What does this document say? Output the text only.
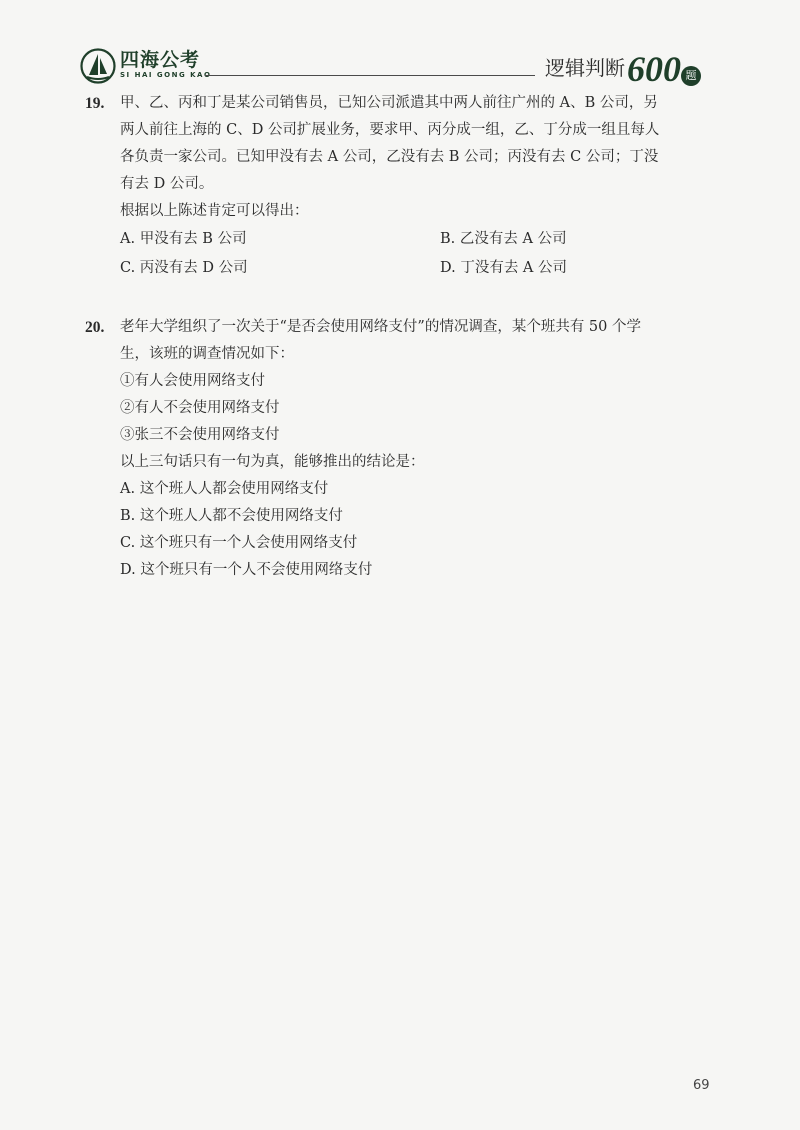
四海公考
SI HAI GONG KAO	逻辑判断600 题
19. 甲、乙、丙和丁是某公司销售员，已知公司派遣其中两人前往广州的 A、B 公司，另
两人前往上海的 C、D 公司扩展业务，要求甲、丙分成一组，乙、丁分成一组且每人
各负责一家公司。已知甲没有去 A 公司，乙没有去 B 公司；丙没有去 C 公司；丁没
有去 D 公司。
根据以上陈述肯定可以得出：
A. 甲没有去 B 公司	B. 乙没有去 A 公司
C. 丙没有去 D 公司	D. 丁没有去 A 公司
20. 老年大学组织了一次关于“是否会使用网络支付”的情况调查，某个班共有 50 个学
生，该班的调查情况如下：
①有人会使用网络支付
②有人不会使用网络支付
③张三不会使用网络支付
以上三句话只有一句为真，能够推出的结论是：
A. 这个班人人都会使用网络支付
B. 这个班人人都不会使用网络支付
C. 这个班只有一个人会使用网络支付
D. 这个班只有一个人不会使用网络支付
69
